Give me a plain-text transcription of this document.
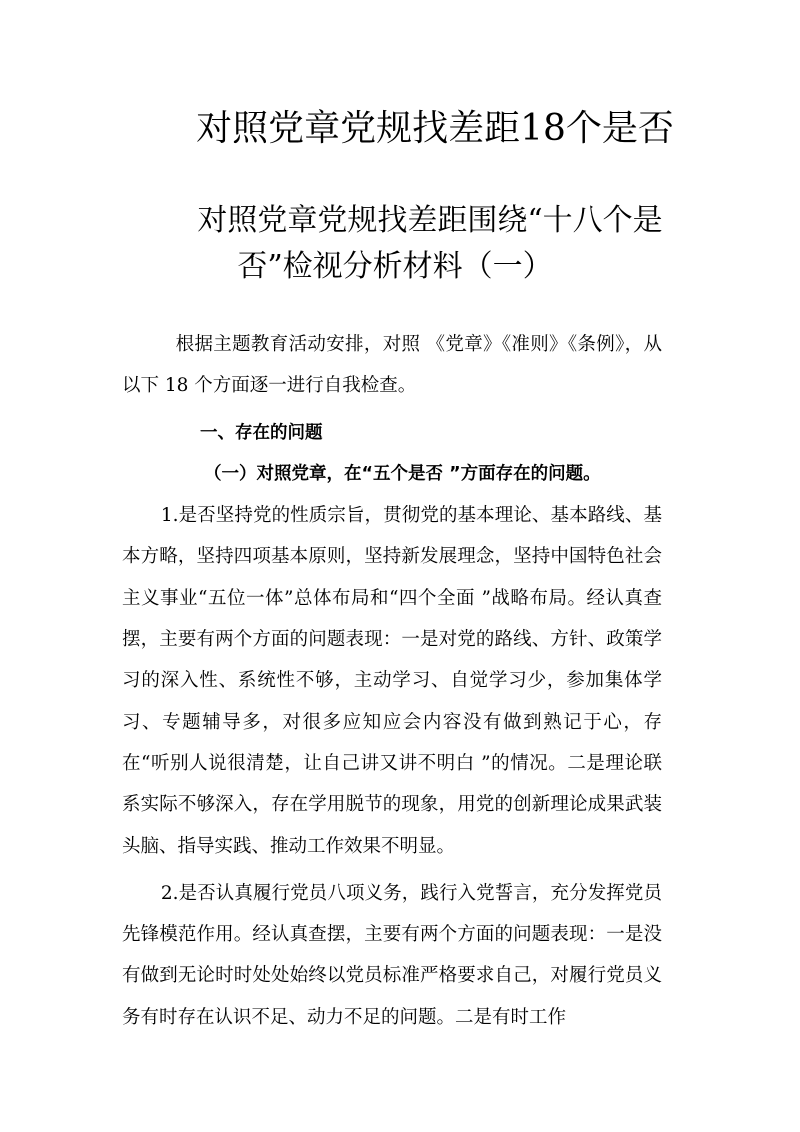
对照党章党规找差距18个是否
对照党章党规找差距围绕“十八个是
否”检视分析材料（一）

根据主题教育活动安排，对照 《党章》《准则》《条例》，从以下 18 个方面逐一进行自我检查。

一、存在的问题

（一）对照党章，在“五个是否 ”方面存在的问题。

1.是否坚持党的性质宗旨，贯彻党的基本理论、基本路线、基本方略，坚持四项基本原则，坚持新发展理念，坚持中国特色社会主义事业“五位一体”总体布局和“四个全面 ”战略布局。经认真查摆，主要有两个方面的问题表现：一是对党的路线、方针、政策学习的深入性、系统性不够，主动学习、自觉学习少，参加集体学习、专题辅导多，对很多应知应会内容没有做到熟记于心，存在“听别人说很清楚，让自己讲又讲不明白 ”的情况。二是理论联系实际不够深入，存在学用脱节的现象，用党的创新理论成果武装头脑、指导实践、推动工作效果不明显。

2.是否认真履行党员八项义务，践行入党誓言，充分发挥党员先锋模范作用。经认真查摆，主要有两个方面的问题表现：一是没有做到无论时时处处始终以党员标准严格要求自己，对履行党员义务有时存在认识不足、动力不足的问题。二是有时工作
